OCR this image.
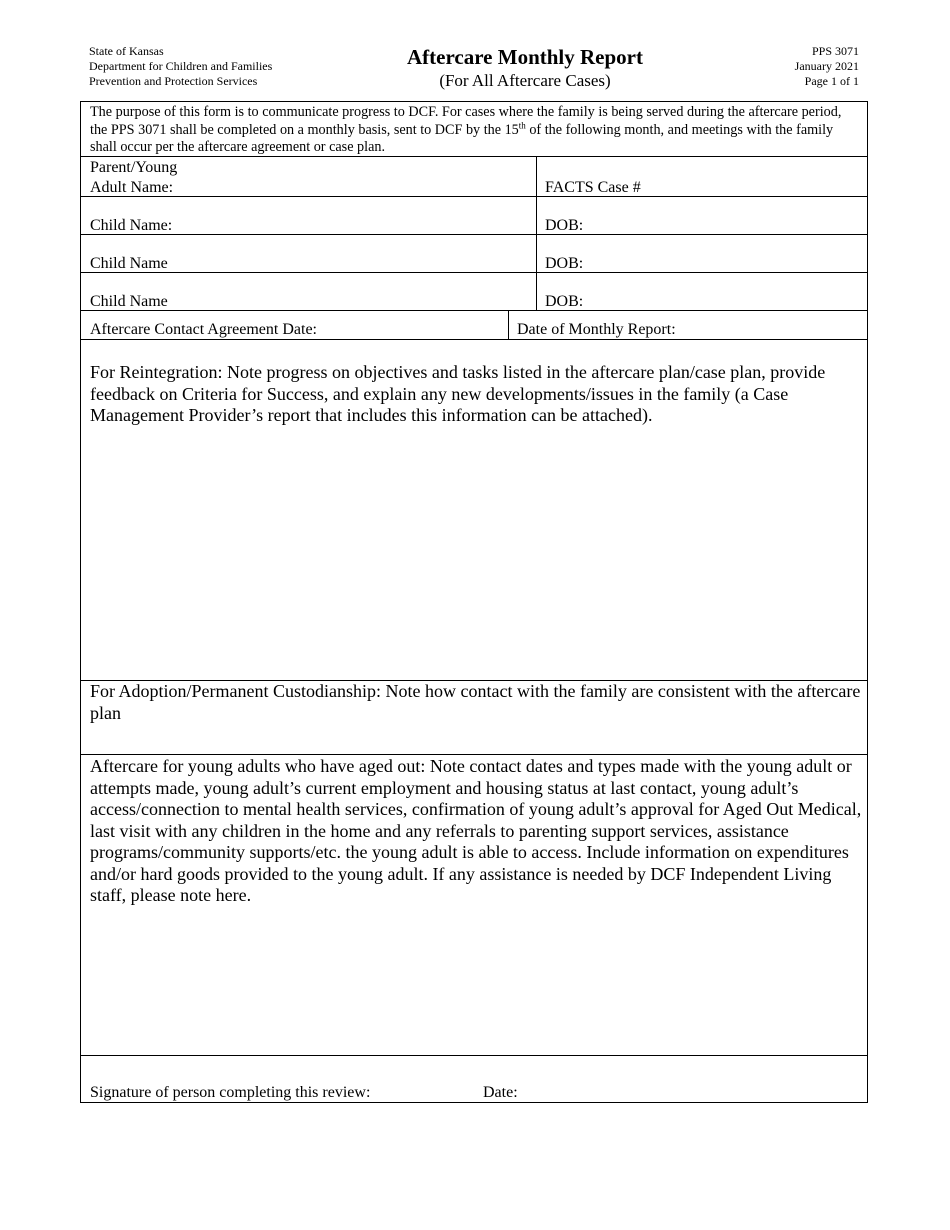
State of Kansas
Department for Children and Families
Prevention and Protection Services
Aftercare Monthly Report
(For All Aftercare Cases)
PPS 3071
January 2021
Page 1 of 1
The purpose of this form is to communicate progress to DCF. For cases where the family is being served during the aftercare period, the PPS 3071 shall be completed on a monthly basis, sent to DCF by the 15th of the following month, and meetings with the family shall occur per the aftercare agreement or case plan.
Parent/Young
Adult Name:	FACTS Case #
Child Name:	DOB:
Child Name	DOB:
Child Name	DOB:
Aftercare Contact Agreement Date:	Date of Monthly Report:
For Reintegration: Note progress on objectives and tasks listed in the aftercare plan/case plan, provide feedback on Criteria for Success, and explain any new developments/issues in the family (a Case Management Provider’s report that includes this information can be attached).
For Adoption/Permanent Custodianship: Note how contact with the family are consistent with the aftercare plan
Aftercare for young adults who have aged out: Note contact dates and types made with the young adult or attempts made, young adult’s current employment and housing status at last contact, young adult’s access/connection to mental health services, confirmation of young adult’s approval for Aged Out Medical, last visit with any children in the home and any referrals to parenting support services, assistance programs/community supports/etc. the young adult is able to access. Include information on expenditures and/or hard goods provided to the young adult. If any assistance is needed by DCF Independent Living staff, please note here.
Signature of person completing this review:	Date:
